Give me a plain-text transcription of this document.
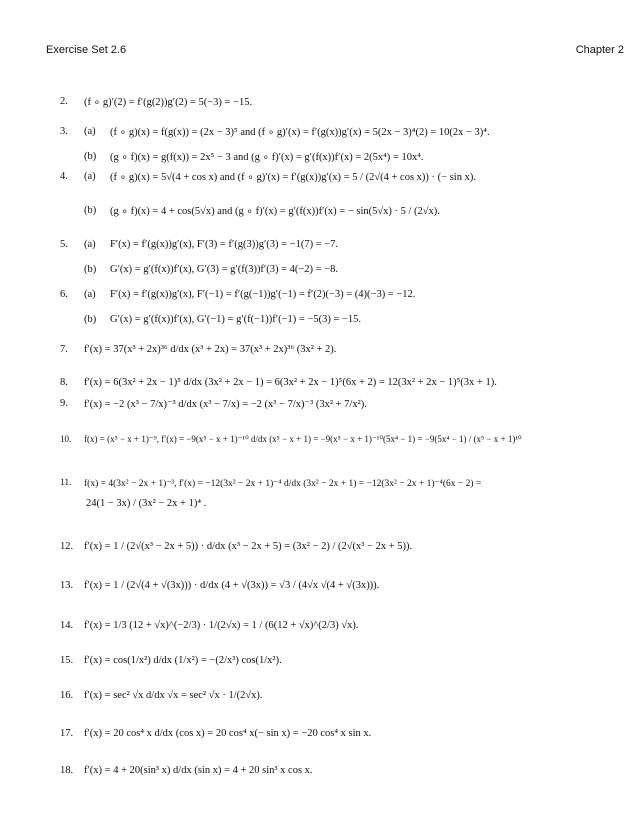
Exercise Set 2.6	Chapter 2
2. (f ∘ g)′(2) = f′(g(2))g′(2) = 5(−3) = −15.
3. (a) (f ∘ g)(x) = f(g(x)) = (2x − 3)⁵ and (f ∘ g)′(x) = f′(g(x))g′(x) = 5(2x − 3)⁴(2) = 10(2x − 3)⁴.
(b) (g ∘ f)(x) = g(f(x)) = 2x⁵ − 3 and (g ∘ f)′(x) = g′(f(x))f′(x) = 2(5x⁴) = 10x⁴.
4. (a) (f ∘ g)(x) = 5√(4 + cos x) and (f ∘ g)′(x) = f′(g(x))g′(x) = 5 / (2√(4 + cos x)) · (− sin x).
(b) (g ∘ f)(x) = 4 + cos(5√x) and (g ∘ f)′(x) = g′(f(x))f′(x) = − sin(5√x) · 5 / (2√x).
5. (a) F′(x) = f′(g(x))g′(x), F′(3) = f′(g(3))g′(3) = −1(7) = −7.
(b) G′(x) = g′(f(x))f′(x), G′(3) = g′(f(3))f′(3) = 4(−2) = −8.
6. (a) F′(x) = f′(g(x))g′(x), F′(−1) = f′(g(−1))g′(−1) = f′(2)(−3) = (4)(−3) = −12.
(b) G′(x) = g′(f(x))f′(x), G′(−1) = g′(f(−1))f′(−1) = −5(3) = −15.
7. f′(x) = 37(x³ + 2x)³⁶ d/dx (x³ + 2x) = 37(x³ + 2x)³⁶ (3x² + 2).
8. f′(x) = 6(3x² + 2x − 1)⁵ d/dx (3x² + 2x − 1) = 6(3x² + 2x − 1)⁵(6x + 2) = 12(3x² + 2x − 1)⁵(3x + 1).
9. f′(x) = −2 (x³ − 7/x)⁻³ d/dx (x³ − 7/x) = −2 (x³ − 7/x)⁻³ (3x² + 7/x²).
10. f(x) = (x⁵ − x + 1)⁻⁹, f′(x) = −9(x⁵ − x + 1)⁻¹⁰ d/dx (x⁵ − x + 1) = −9(x⁵ − x + 1)⁻¹⁰(5x⁴ − 1) = −9(5x⁴ − 1) / (x⁵ − x + 1)¹⁰
11. f(x) = 4(3x² − 2x + 1)⁻³, f′(x) = −12(3x² − 2x + 1)⁻⁴ d/dx (3x² − 2x + 1) = −12(3x² − 2x + 1)⁻⁴(6x − 2) =
24(1 − 3x) / (3x² − 2x + 1)⁴ .
12. f′(x) = 1 / (2√(x³ − 2x + 5)) · d/dx (x³ − 2x + 5) = (3x² − 2) / (2√(x³ − 2x + 5)).
13. f′(x) = 1 / (2√(4 + √(3x))) · d/dx (4 + √(3x)) = √3 / (4√x √(4 + √(3x))).
14. f′(x) = 1/3 (12 + √x)^(−2/3) · 1/(2√x) = 1 / (6(12 + √x)^(2/3) √x).
15. f′(x) = cos(1/x²) d/dx (1/x²) = −(2/x³) cos(1/x²).
16. f′(x) = sec² √x d/dx √x = sec² √x · 1/(2√x).
17. f′(x) = 20 cos⁴ x d/dx (cos x) = 20 cos⁴ x(− sin x) = −20 cos⁴ x sin x.
18. f′(x) = 4 + 20(sin³ x) d/dx (sin x) = 4 + 20 sin³ x cos x.
